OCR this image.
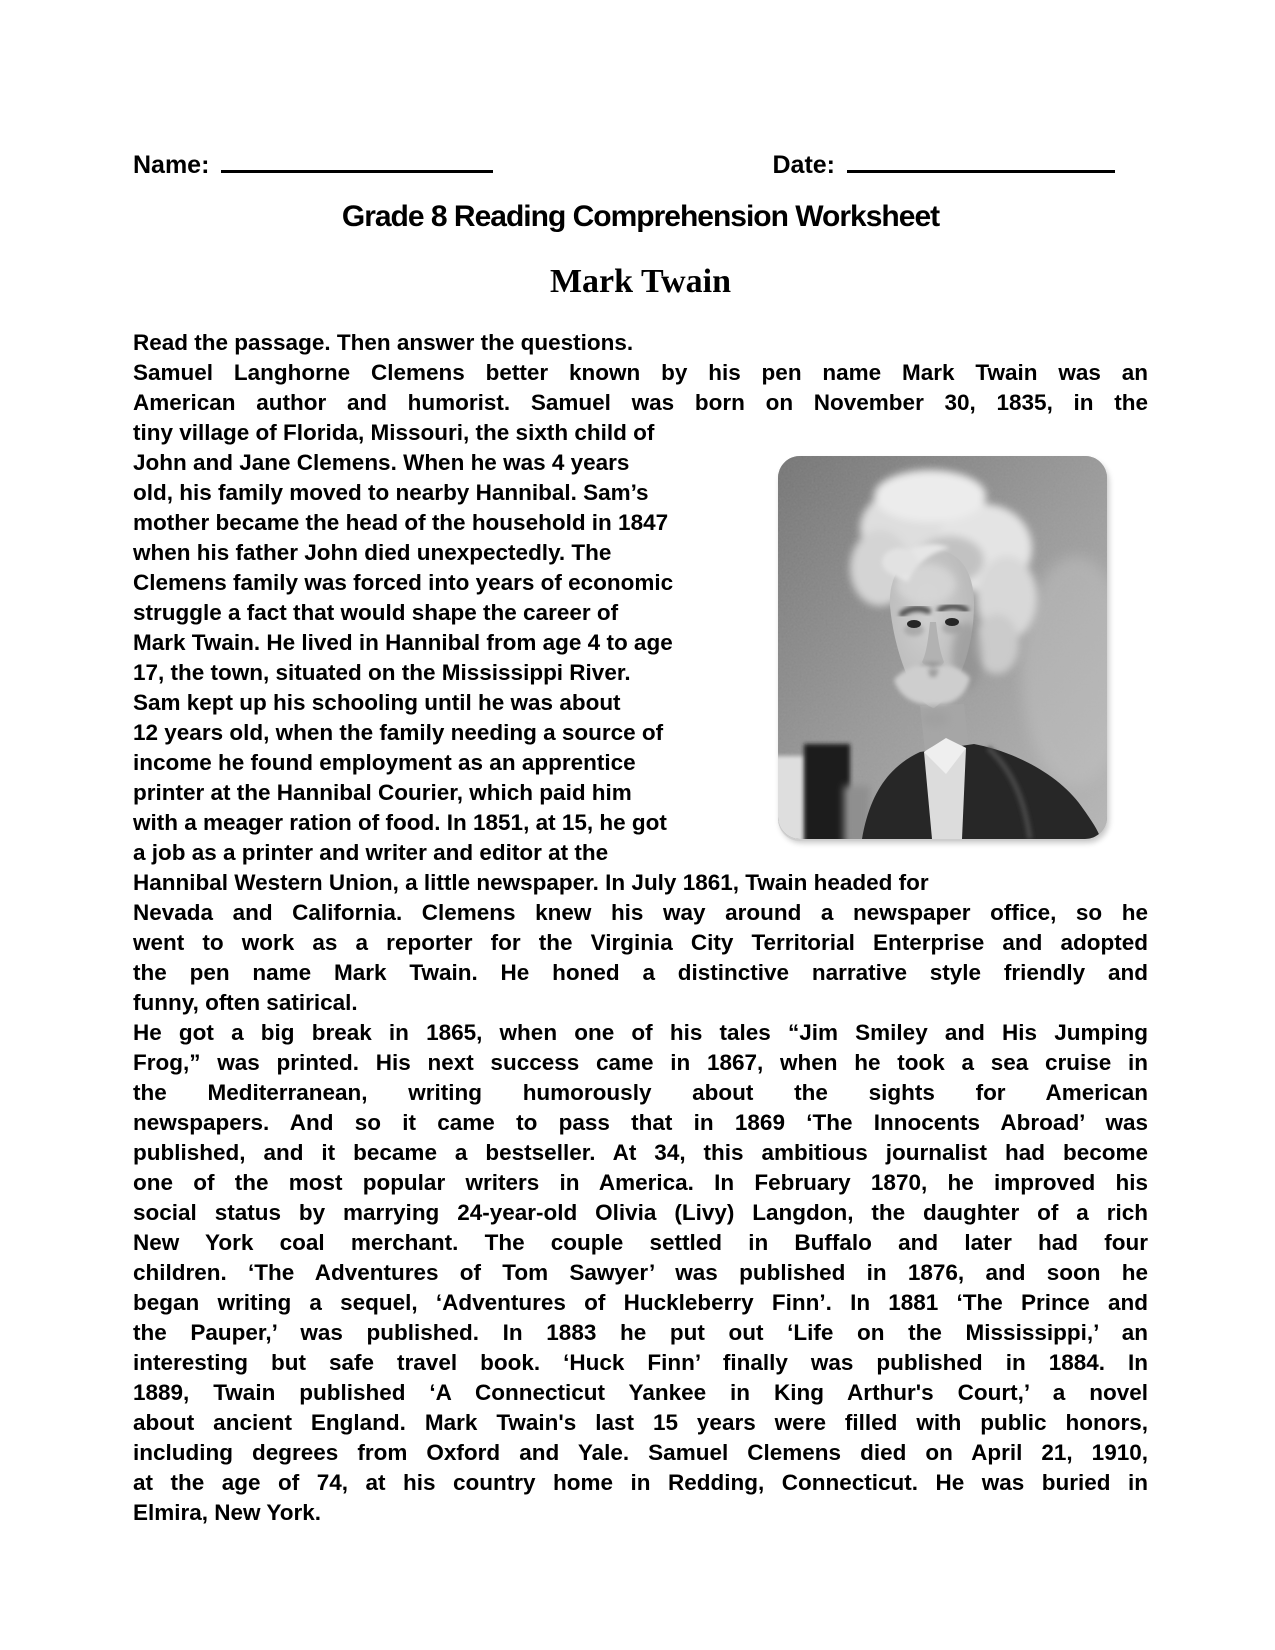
Name:	Date:
Grade 8 Reading Comprehension Worksheet
Mark Twain
Read the passage. Then answer the questions.
Samuel Langhorne Clemens better known by his pen name Mark Twain was an
American author and humorist. Samuel was born on November 30, 1835, in the
tiny village of Florida, Missouri, the sixth child of
John and Jane Clemens. When he was 4 years
old, his family moved to nearby Hannibal. Sam’s
mother became the head of the household in 1847
when his father John died unexpectedly. The
Clemens family was forced into years of economic
struggle a fact that would shape the career of
Mark Twain. He lived in Hannibal from age 4 to age
17, the town, situated on the Mississippi River.
Sam kept up his schooling until he was about
12 years old, when the family needing a source of
income he found employment as an apprentice
printer at the Hannibal Courier, which paid him
with a meager ration of food. In 1851, at 15, he got
a job as a printer and writer and editor at the
Hannibal Western Union, a little newspaper. In July 1861, Twain headed for
Nevada and California. Clemens knew his way around a newspaper office, so he
went to work as a reporter for the Virginia City Territorial Enterprise and adopted
the pen name Mark Twain. He honed a distinctive narrative style friendly and
funny, often satirical.
He got a big break in 1865, when one of his tales “Jim Smiley and His Jumping
Frog,” was printed. His next success came in 1867, when he took a sea cruise in
the Mediterranean, writing humorously about the sights for American
newspapers. And so it came to pass that in 1869 ‘The Innocents Abroad’ was
published, and it became a bestseller. At 34, this ambitious journalist had become
one of the most popular writers in America. In February 1870, he improved his
social status by marrying 24-year-old Olivia (Livy) Langdon, the daughter of a rich
New York coal merchant. The couple settled in Buffalo and later had four
children. ‘The Adventures of Tom Sawyer’ was published in 1876, and soon he
began writing a sequel, ‘Adventures of Huckleberry Finn’. In 1881 ‘The Prince and
the Pauper,’ was published. In 1883 he put out ‘Life on the Mississippi,’ an
interesting but safe travel book. ‘Huck Finn’ finally was published in 1884. In
1889, Twain published ‘A Connecticut Yankee in King Arthur's Court,’ a novel
about ancient England. Mark Twain's last 15 years were filled with public honors,
including degrees from Oxford and Yale. Samuel Clemens died on April 21, 1910,
at the age of 74, at his country home in Redding, Connecticut. He was buried in
Elmira, New York.
